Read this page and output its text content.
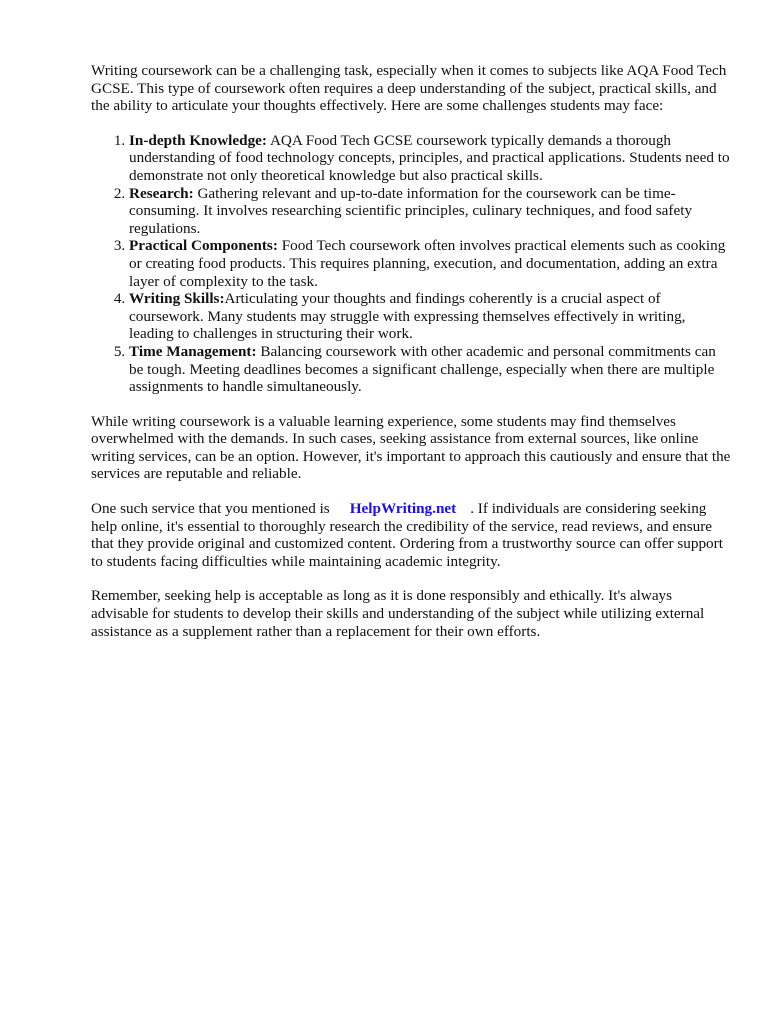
Writing coursework can be a challenging task, especially when it comes to subjects like AQA Food Tech GCSE. This type of coursework often requires a deep understanding of the subject, practical skills, and the ability to articulate your thoughts effectively. Here are some challenges students may face:

1. In-depth Knowledge: AQA Food Tech GCSE coursework typically demands a thorough understanding of food technology concepts, principles, and practical applications. Students need to demonstrate not only theoretical knowledge but also practical skills.
2. Research: Gathering relevant and up-to-date information for the coursework can be time-consuming. It involves researching scientific principles, culinary techniques, and food safety regulations.
3. Practical Components: Food Tech coursework often involves practical elements such as cooking or creating food products. This requires planning, execution, and documentation, adding an extra layer of complexity to the task.
4. Writing Skills:Articulating your thoughts and findings coherently is a crucial aspect of coursework. Many students may struggle with expressing themselves effectively in writing, leading to challenges in structuring their work.
5. Time Management: Balancing coursework with other academic and personal commitments can be tough. Meeting deadlines becomes a significant challenge, especially when there are multiple assignments to handle simultaneously.

While writing coursework is a valuable learning experience, some students may find themselves overwhelmed with the demands. In such cases, seeking assistance from external sources, like online writing services, can be an option. However, it's important to approach this cautiously and ensure that the services are reputable and reliable.

One such service that you mentioned is HelpWriting.net . If individuals are considering seeking help online, it's essential to thoroughly research the credibility of the service, read reviews, and ensure that they provide original and customized content. Ordering from a trustworthy source can offer support to students facing difficulties while maintaining academic integrity.

Remember, seeking help is acceptable as long as it is done responsibly and ethically. It's always advisable for students to develop their skills and understanding of the subject while utilizing external assistance as a supplement rather than a replacement for their own efforts.
